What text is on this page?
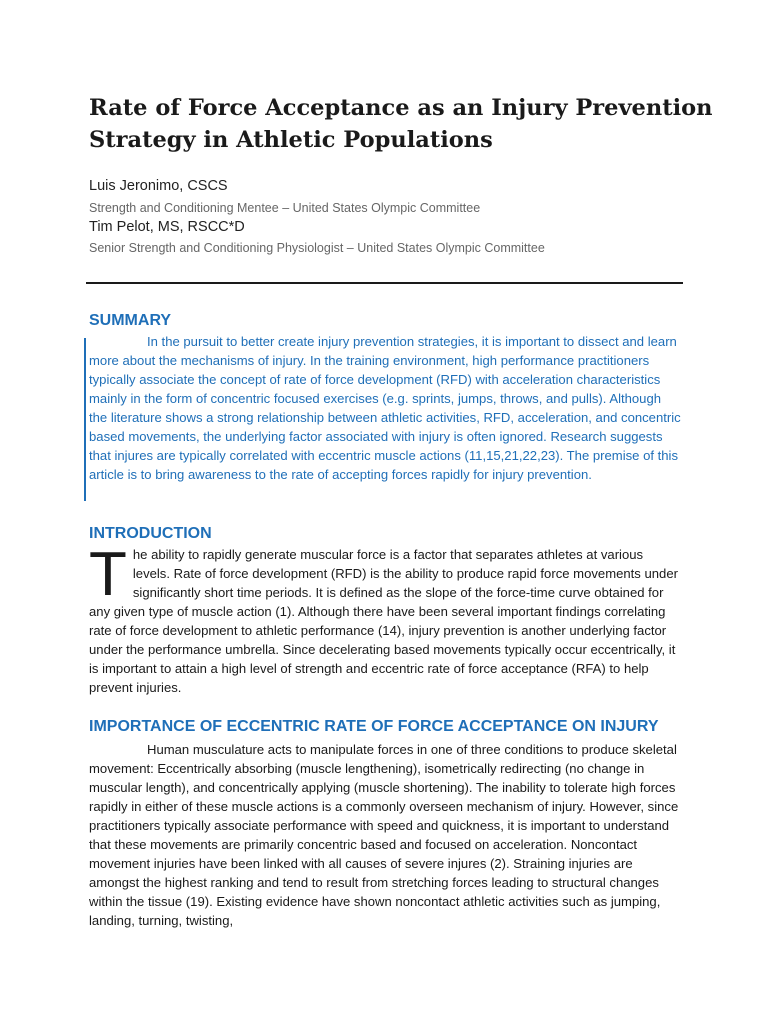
Rate of Force Acceptance as an Injury Prevention Strategy in Athletic Populations
Luis Jeronimo, CSCS
Strength and Conditioning Mentee – United States Olympic Committee
Tim Pelot, MS, RSCC*D
Senior Strength and Conditioning Physiologist – United States Olympic Committee
SUMMARY

In the pursuit to better create injury prevention strategies, it is important to dissect and learn more about the mechanisms of injury. In the training environment, high performance practitioners typically associate the concept of rate of force development (RFD) with acceleration characteristics mainly in the form of concentric focused exercises (e.g. sprints, jumps, throws, and pulls). Although the literature shows a strong relationship between athletic activities, RFD, acceleration, and concentric based movements, the underlying factor associated with injury is often ignored. Research suggests that injures are typically correlated with eccentric muscle actions (11,15,21,22,23). The premise of this article is to bring awareness to the rate of accepting forces rapidly for injury prevention.

INTRODUCTION

The ability to rapidly generate muscular force is a factor that separates athletes at various levels. Rate of force development (RFD) is the ability to produce rapid force movements under significantly short time periods. It is defined as the slope of the force-time curve obtained for any given type of muscle action (1). Although there have been several important findings correlating rate of force development to athletic performance (14), injury prevention is another underlying factor under the performance umbrella. Since decelerating based movements typically occur eccentrically, it is important to attain a high level of strength and eccentric rate of force acceptance (RFA) to help prevent injuries.

IMPORTANCE OF ECCENTRIC RATE OF FORCE ACCEPTANCE ON INJURY

Human musculature acts to manipulate forces in one of three conditions to produce skeletal movement: Eccentrically absorbing (muscle lengthening), isometrically redirecting (no change in muscular length), and concentrically applying (muscle shortening). The inability to tolerate high forces rapidly in either of these muscle actions is a commonly overseen mechanism of injury. However, since practitioners typically associate performance with speed and quickness, it is important to understand that these movements are primarily concentric based and focused on acceleration. Noncontact movement injuries have been linked with all causes of severe injures (2). Straining injuries are amongst the highest ranking and tend to result from stretching forces leading to structural changes within the tissue (19). Existing evidence have shown noncontact athletic activities such as jumping, landing, turning, twisting,
